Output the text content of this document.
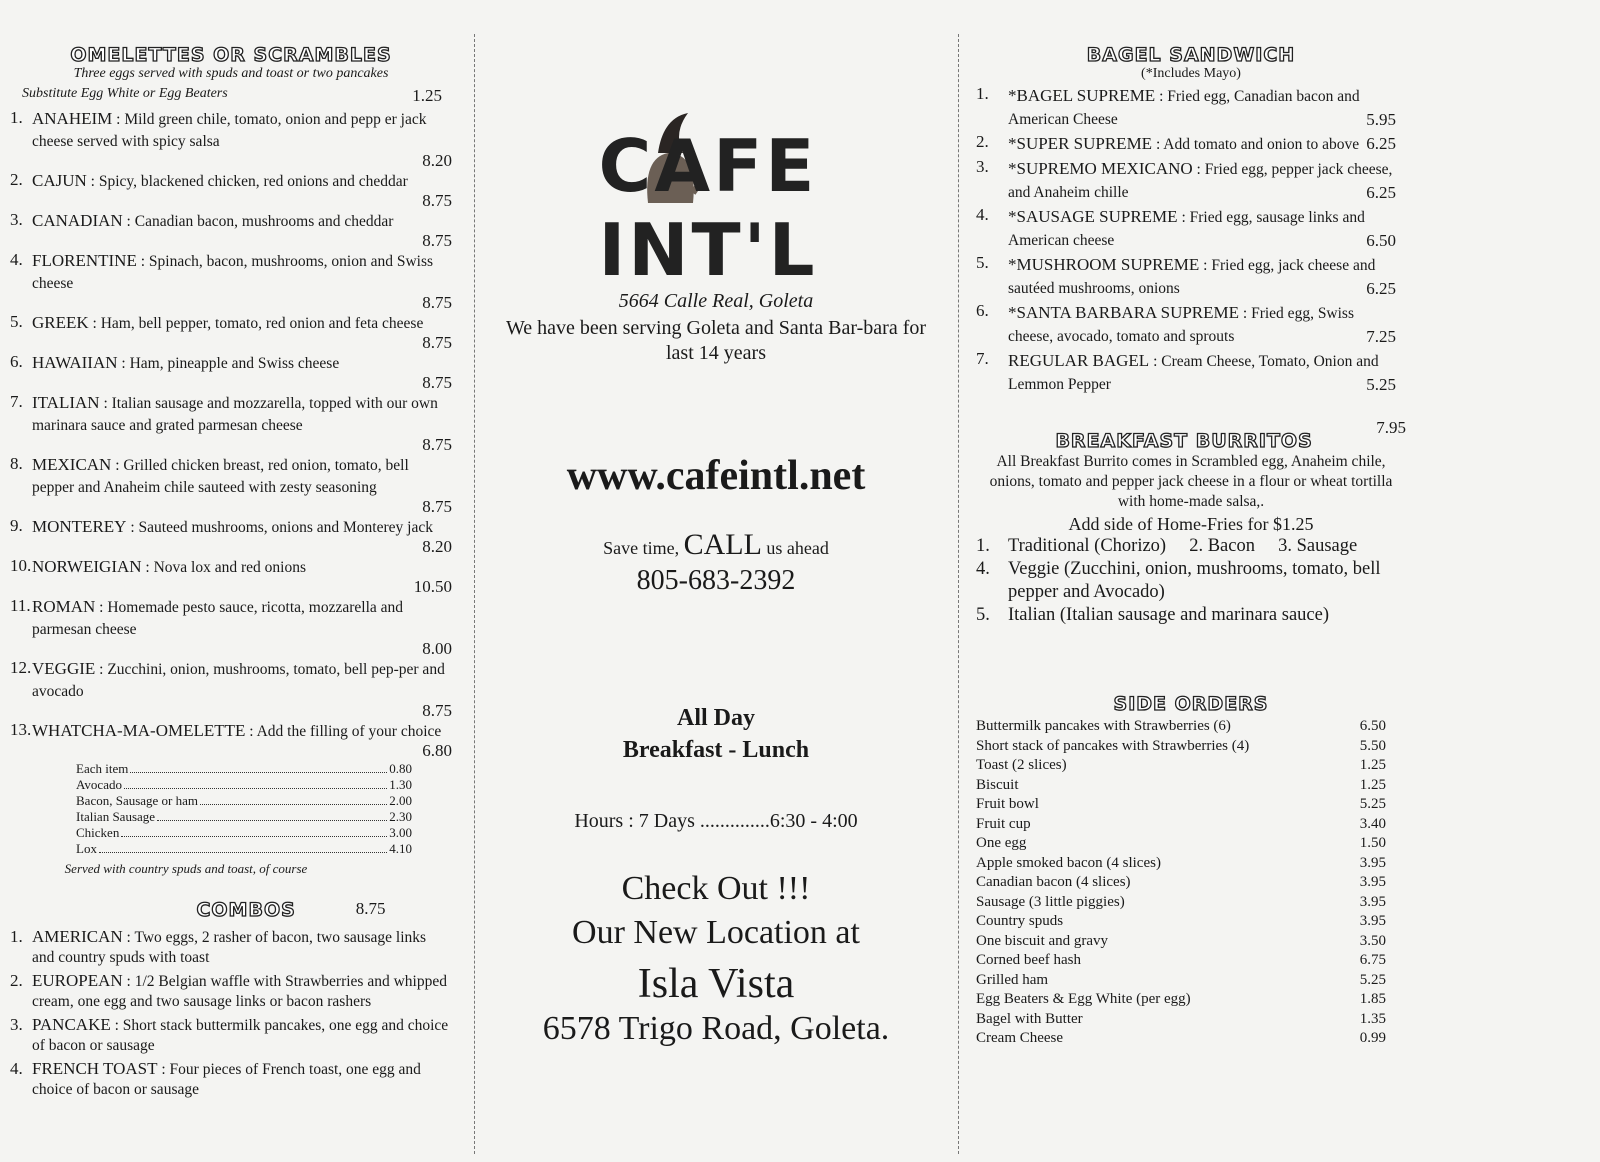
OMELETTES OR SCRAMBLES
Three eggs served with spuds and toast or two pancakes
Substitute Egg White or Egg Beaters	1.25
1. ANAHEIM : Mild green chile, tomato, onion and pepp er jack cheese served with spicy salsa
8.20
2. CAJUN : Spicy, blackened chicken, red onions and cheddar
8.75
3. CANADIAN : Canadian bacon, mushrooms and cheddar
8.75
4. FLORENTINE : Spinach, bacon, mushrooms, onion and Swiss cheese
8.75
5. GREEK : Ham, bell pepper, tomato, red onion and feta cheese
8.75
6. HAWAIIAN : Ham, pineapple and Swiss cheese
8.75
7. ITALIAN : Italian sausage and mozzarella, topped with our own marinara sauce and grated parmesan cheese
8.75
8. MEXICAN : Grilled chicken breast, red onion, tomato, bell pepper and Anaheim chile sauteed with zesty seasoning
8.75
9. MONTEREY : Sauteed mushrooms, onions and Monterey jack
8.20
10. NORWEIGIAN : Nova lox and red onions
10.50
11. ROMAN : Homemade pesto sauce, ricotta, mozzarella and parmesan cheese
8.00
12. VEGGIE : Zucchini, onion, mushrooms, tomato, bell pep-per and avocado
8.75
13. WHATCHA-MA-OMELETTE : Add the filling of your choice
6.80
Each item	0.80
Avocado	1.30
Bacon, Sausage or ham	2.00
Italian Sausage	2.30
Chicken	3.00
Lox	4.10
Served with country spuds and toast, of course
COMBOS	8.75
1. AMERICAN : Two eggs, 2 rasher of bacon, two sausage links and country spuds with toast
2. EUROPEAN : 1/2 Belgian waffle with Strawberries and whipped cream, one egg and two sausage links or bacon rashers
3. PANCAKE : Short stack buttermilk pancakes, one egg and choice of bacon or sausage
4. FRENCH TOAST : Four pieces of French toast, one egg and choice of bacon or sausage
CAFE INT'L
5664 Calle Real, Goleta
We have been serving Goleta and Santa Bar-bara for last 14 years
www.cafeintl.net
Save time, CALL us ahead
805-683-2392
All Day
Breakfast - Lunch
Hours : 7 Days ..............6:30 - 4:00
Check Out !!!
Our New Location at
Isla Vista
6578 Trigo Road, Goleta.
BAGEL SANDWICH
(*Includes Mayo)
1.	*BAGEL SUPREME : Fried egg, Canadian bacon and American Cheese	5.95
2.	*SUPER SUPREME : Add tomato and onion to above 6.25
3.	*SUPREMO MEXICANO : Fried egg, pepper jack cheese, and Anaheim chille	6.25
4.	*SAUSAGE SUPREME : Fried egg, sausage links and American cheese	6.50
5.	*MUSHROOM SUPREME : Fried egg, jack cheese and sautéed mushrooms, onions	6.25
6.	*SANTA BARBARA SUPREME : Fried egg, Swiss cheese, avocado, tomato and sprouts	7.25
7.	REGULAR BAGEL : Cream Cheese, Tomato, Onion and Lemmon Pepper	5.25
BREAKFAST BURRITOS
7.95
All Breakfast Burrito comes in Scrambled egg, Anaheim chile, onions, tomato and pepper jack cheese in a flour or wheat tortilla with home-made salsa,.
Add side of Home-Fries for $1.25
1. Traditional (Chorizo)     2. Bacon     3. Sausage
4. Veggie (Zucchini, onion, mushrooms, tomato, bell pepper and Avocado)
5. Italian (Italian sausage and marinara sauce)
SIDE ORDERS
Buttermilk pancakes with Strawberries (6)	6.50
Short stack of pancakes with Strawberries (4)	5.50
Toast (2 slices)	1.25
Biscuit	1.25
Fruit bowl	5.25
Fruit cup	3.40
One egg	1.50
Apple smoked bacon (4 slices)	3.95
Canadian bacon (4 slices)	3.95
Sausage (3 little piggies)	3.95
Country spuds	3.95
One biscuit and gravy	3.50
Corned beef hash	6.75
Grilled ham	5.25
Egg Beaters & Egg White (per egg)	1.85
Bagel with Butter	1.35
Cream Cheese	0.99
